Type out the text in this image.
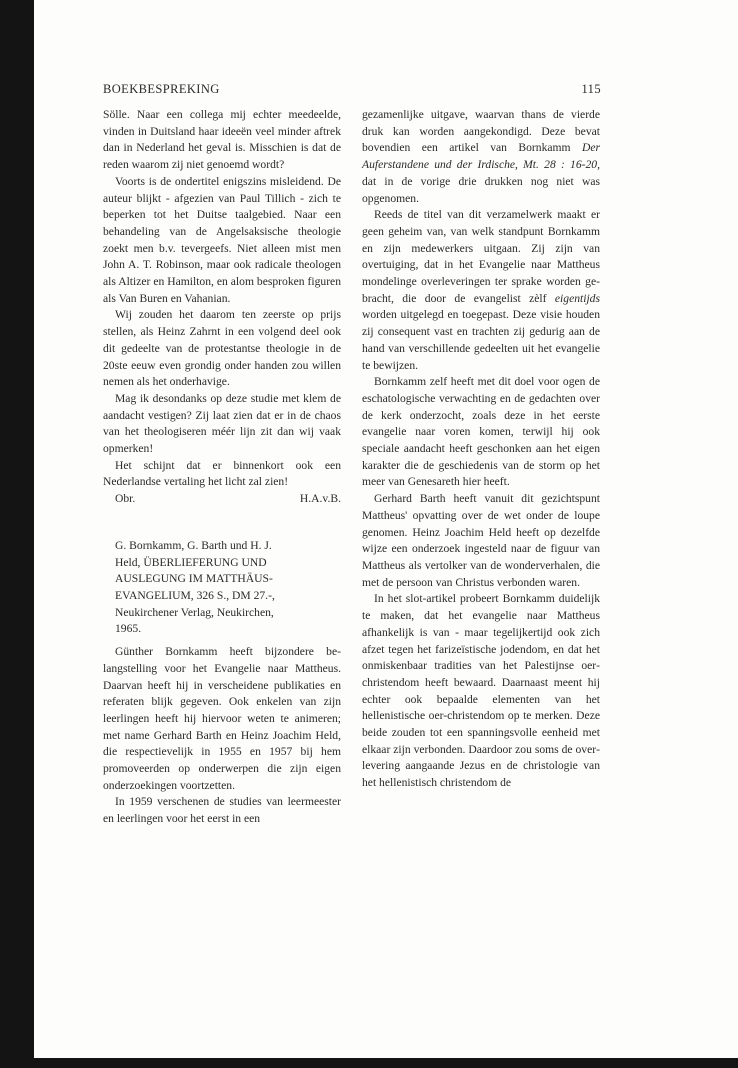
BOEKBESPREKING	115

Sölle. Naar een collega mij echter meedeelde, vinden in Duitsland haar ideeën veel minder aftrek dan in Nederland het geval is. Misschien is dat de reden waarom zij niet genoemd wordt?

Voorts is de ondertitel enigszins misleidend. De auteur blijkt - afgezien van Paul Tillich - zich te beperken tot het Duitse taalgebied. Naar een behandeling van de Angelsaksische theologie zoekt men b.v. tevergeefs. Niet alleen mist men John A. T. Robinson, maar ook radicale theologen als Altizer en Hamilton, en alom besproken figuren als Van Buren en Vahanian.

Wij zouden het daarom ten zeerste op prijs stellen, als Heinz Zahrnt in een volgend deel ook dit gedeelte van de protestantse theologie in de 20ste eeuw even grondig onder handen zou willen nemen als het onderhavige.

Mag ik desondanks op deze studie met klem de aandacht vestigen? Zij laat zien dat er in de chaos van het theologiseren méér lijn zit dan wij vaak opmerken!

Het schijnt dat er binnenkort ook een Nederlandse vertaling het licht zal zien!

Obr.	H.A.v.B.

G. Bornkamm, G. Barth und H. J.
Held, ÜBERLIEFERUNG UND
AUSLEGUNG IM MATTHÄUS-
EVANGELIUM, 326 S., DM 27.-,
Neukirchener Verlag, Neukirchen,
1965.

Günther Bornkamm heeft bijzondere belangstelling voor het Evangelie naar Mattheus. Daarvan heeft hij in verscheidene publikaties en referaten blijk gegeven. Ook enkelen van zijn leerlingen heeft hij hiervoor weten te animeren; met name Gerhard Barth en Heinz Joachim Held, die respectievelijk in 1955 en 1957 bij hem promoveerden op onderwerpen die zijn eigen onderzoekingen voortzetten.

In 1959 verschenen de studies van leermeester en leerlingen voor het eerst in een

gezamenlijke uitgave, waarvan thans de vierde druk kan worden aangekondigd. Deze bevat bovendien een artikel van Bornkamm Der Auferstandene und der Irdische, Mt. 28 : 16-20, dat in de vorige drie drukken nog niet was opgenomen.

Reeds de titel van dit verzamelwerk maakt er geen geheim van, van welk standpunt Bornkamm en zijn medewerkers uitgaan. Zij zijn van overtuiging, dat in het Evangelie naar Mattheus mondelinge overleveringen ter sprake worden gebracht, die door de evangelist zèlf eigentijds worden uitgelegd en toegepast. Deze visie houden zij consequent vast en trachten zij gedurig aan de hand van verschillende gedeelten uit het evangelie te bewijzen.

Bornkamm zelf heeft met dit doel voor ogen de eschatologische verwachting en de gedachten over de kerk onderzocht, zoals deze in het eerste evangelie naar voren komen, terwijl hij ook speciale aandacht heeft geschonken aan het eigen karakter die de geschiedenis van de storm op het meer van Genesareth hier heeft.

Gerhard Barth heeft vanuit dit gezichtspunt Mattheus' opvatting over de wet onder de loupe genomen. Heinz Joachim Held heeft op dezelfde wijze een onderzoek ingesteld naar de figuur van Mattheus als vertolker van de wonderverhalen, die met de persoon van Christus verbonden waren.

In het slot-artikel probeert Bornkamm duidelijk te maken, dat het evangelie naar Mattheus afhankelijk is van - maar tegelijkertijd ook zich afzet tegen het farizeïstische jodendom, en dat het onmiskenbaar tradities van het Palestijnse oerchristendom heeft bewaard. Daarnaast meent hij echter ook bepaalde elementen van het hellenistische oer-christendom op te merken. Deze beide zouden tot een spanningsvolle eenheid met elkaar zijn verbonden. Daardoor zou soms de overlevering aangaande Jezus en de christologie van het hellenistisch christendom de
